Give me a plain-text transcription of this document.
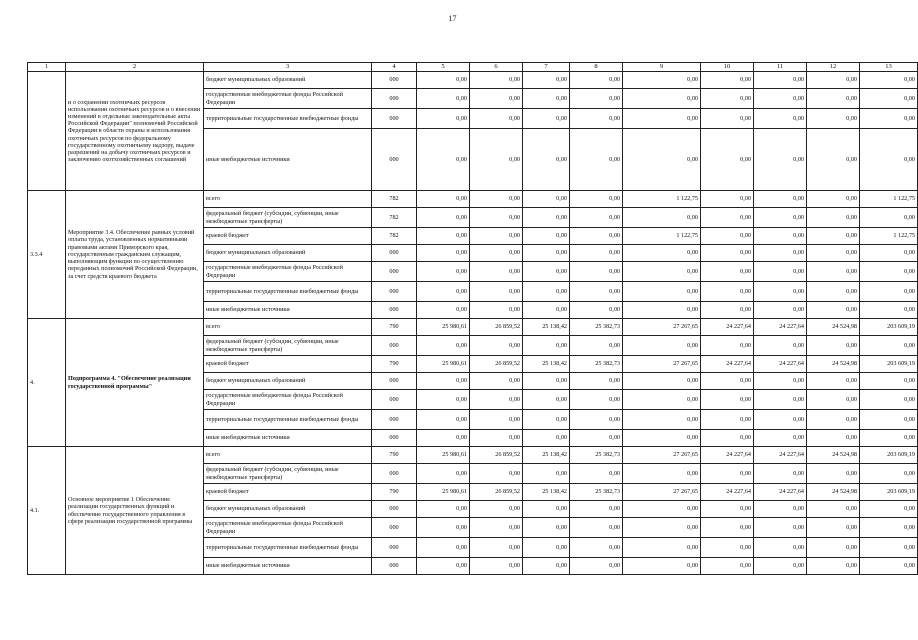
17
1	2	3	4	5	6	7	8	9	10	11	12	13
	и о сохранении охотничьих ресурсов использовании охотничьих ресурсов и о внесении изменений в отдельные законодательные акты Российской Федерации" полномочий Российской Федерации в области охраны и использования охотничьих ресурсов по федеральному государственному охотничьему надзору, выдаче разрешений на добычу охотничьих ресурсов и заключению охотхозяйственных соглашений	бюджет муниципальных образований	000	0,00	0,00	0,00	0,00	0,00	0,00	0,00	0,00	0,00
		государственные внебюджетные фонды Российской Федерации	000	0,00	0,00	0,00	0,00	0,00	0,00	0,00	0,00	0,00
		территориальные государственные внебюджетные фонды	000	0,00	0,00	0,00	0,00	0,00	0,00	0,00	0,00	0,00
		иные внебюджетные источники	000	0,00	0,00	0,00	0,00	0,00	0,00	0,00	0,00	0,00
3.3.4	Мероприятие 3.4. Обеспечение равных условий оплаты труда, установленных нормативными правовыми актами Приморского края, государственным гражданским служащим, выполняющим функции по осуществлению переданных полномочий Российской Федерации, за счет средств краевого бюджета	всего	782	0,00	0,00	0,00	0,00	1 122,75	0,00	0,00	0,00	1 122,75
		федеральный бюджет (субсидии, субвенции, иные межбюджетные трансферты)	782	0,00	0,00	0,00	0,00	0,00	0,00	0,00	0,00	0,00
		краевой бюджет	782	0,00	0,00	0,00	0,00	1 122,75	0,00	0,00	0,00	1 122,75
		бюджет муниципальных образований	000	0,00	0,00	0,00	0,00	0,00	0,00	0,00	0,00	0,00
		государственные внебюджетные фонды Российской Федерации	000	0,00	0,00	0,00	0,00	0,00	0,00	0,00	0,00	0,00
		территориальные государственные внебюджетные фонды	000	0,00	0,00	0,00	0,00	0,00	0,00	0,00	0,00	0,00
		иные внебюджетные источники	000	0,00	0,00	0,00	0,00	0,00	0,00	0,00	0,00	0,00
4.	Подпрограмма 4. "Обеспечение реализации государственной программы"	всего	790	25 980,61	26 859,52	25 138,42	25 382,73	27 267,65	24 227,64	24 227,64	24 524,98	203 609,19
		федеральный бюджет (субсидии, субвенции, иные межбюджетные трансферты)	000	0,00	0,00	0,00	0,00	0,00	0,00	0,00	0,00	0,00
		краевой бюджет	790	25 980,61	26 859,52	25 138,42	25 382,73	27 267,65	24 227,64	24 227,64	24 524,98	203 609,19
		бюджет муниципальных образований	000	0,00	0,00	0,00	0,00	0,00	0,00	0,00	0,00	0,00
		государственные внебюджетные фонды Российской Федерации	000	0,00	0,00	0,00	0,00	0,00	0,00	0,00	0,00	0,00
		территориальные государственные внебюджетные фонды	000	0,00	0,00	0,00	0,00	0,00	0,00	0,00	0,00	0,00
		иные внебюджетные источники	000	0,00	0,00	0,00	0,00	0,00	0,00	0,00	0,00	0,00
4.1.	Основное мероприятие 1 Обеспечение реализации государственных функций и обеспечение государственного управления в сфере реализации государственной программы	всего	790	25 980,61	26 859,52	25 138,42	25 382,73	27 267,65	24 227,64	24 227,64	24 524,98	203 609,19
		федеральный бюджет (субсидии, субвенции, иные межбюджетные трансферты)	000	0,00	0,00	0,00	0,00	0,00	0,00	0,00	0,00	0,00
		краевой бюджет	790	25 980,61	26 859,52	25 138,42	25 382,73	27 267,65	24 227,64	24 227,64	24 524,98	203 609,19
		бюджет муниципальных образований	000	0,00	0,00	0,00	0,00	0,00	0,00	0,00	0,00	0,00
		государственные внебюджетные фонды Российской Федерации	000	0,00	0,00	0,00	0,00	0,00	0,00	0,00	0,00	0,00
		территориальные государственные внебюджетные фонды	000	0,00	0,00	0,00	0,00	0,00	0,00	0,00	0,00	0,00
		иные внебюджетные источники	000	0,00	0,00	0,00	0,00	0,00	0,00	0,00	0,00	0,00
